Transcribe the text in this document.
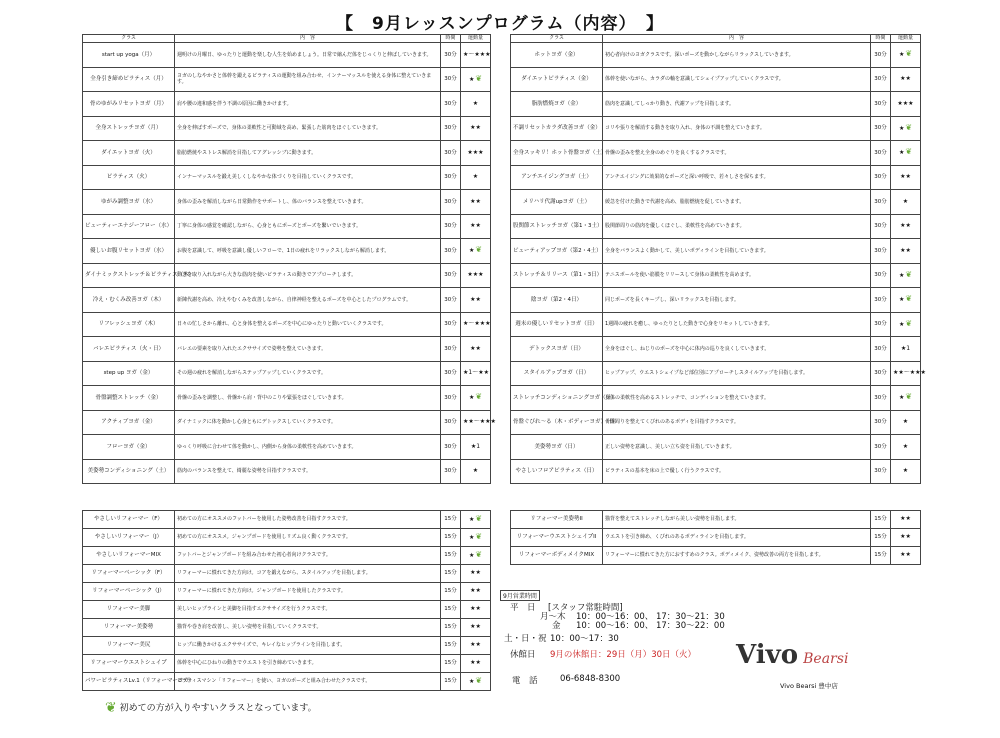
【　9月レッスンプログラム（内容）　】
クラス	内　容	時間	運動量
start up yoga（月）	週明けの月曜日、ゆったりと運動を楽しむ人生を始めましょう。日常で縮んだ体をじっくりと伸ばしていきます。	30分	★～★★★
全身引き締めピラティス（月）	ヨガのしなやかさと体幹を鍛えるピラティスの運動を組み合わせ、インナーマッスルを使える身体に整えていきます。	30分	★❦
骨のゆがみリセットヨガ（月）	肩や腰の違和感を伴う不調の原因に働きかけます。	30分	★
全身ストレッチヨガ（月）	全身を伸ばすポーズで、身体の柔軟性と可動域を高め、緊張した筋肉をほぐしていきます。	30分	★★
ダイエットヨガ（火）	脂肪燃焼やストレス解消を目指してアグレッシブに動きます。	30分	★★★
ピラティス（火）	インナーマッスルを鍛え美しくしなやかな体づくりを目指していくクラスです。	30分	★
ゆがみ調整ヨガ（水）	身体の歪みを解消しながら日常動作をサポートし、体のバランスを整えていきます。	30分	★★
ビューティーエナジーフロー（水）	丁寧に身体の感覚を確認しながら、心身ともにポーズとポーズを繋いでいきます。	30分	★★
優しいお腹リセットヨガ（水）	お腹を意識して、呼吸を意識し優しいフローで、1日の疲れをリラックスしながら解消します。	30分	★❦
ダイナミックストレッチ＆ピラティス（木）	動きを取り入れながら大きな筋肉を使いピラティスの動きでアプローチします。	30分	★★★
冷え・むくみ改善ヨガ（木）	新陳代謝を高め、冷えやむくみを改善しながら、自律神経を整えるポーズを中心としたプログラムです。	30分	★★
リフレッシュヨガ（木）	日々の忙しさから離れ、心と身体を整えるポーズを中心にゆったりと動いていくクラスです。	30分	★～★★★
バレエピラティス（火・日）	バレエの要素を取り入れたエクササイズで姿勢を整えていきます。	30分	★★
step up ヨガ（金）	その週の疲れを解消しながらステップアップしていくクラスです。	30分	★1～★★
骨盤調整ストレッチ（金）	骨盤の歪みを調整し、骨盤から肩・背中のこりや緊張をほぐしていきます。	30分	★❦
アクティブヨガ（金）	ダイナミックに体を動かし心身ともにデトックスしていくクラスです。	30分	★★～★★★
フローヨガ（金）	ゆっくり呼吸に合わせて体を動かし、内側から身体の柔軟性を高めていきます。	30分	★1
美姿勢コンディショニング（土）	筋肉のバランスを整えて、綺麗な姿勢を目指すクラスです。	30分	★
クラス	内　容	時間	運動量
ホットヨガ（金）	初心者向けのヨガクラスです。深いポーズを動かしながらリラックスしていきます。	30分	★❦
ダイエットピラティス（金）	体幹を使いながら、カラダの軸を意識してシェイプアップしていくクラスです。	30分	★★
脂肪燃焼ヨガ（金）	筋肉を意識してしっかり動き、代謝アップを目指します。	30分	★★★
不調リセットカラダ改善ヨガ（金）	コリや張りを解消する動きを取り入れ、身体の不調を整えていきます。	30分	★❦
全身スッキリ！ホット骨盤ヨガ（土）	骨盤の歪みを整え全身のめぐりを良くするクラスです。	30分	★❦
アンチエイジングヨガ（土）	アンチエイジングに効果的なポーズと深い呼吸で、若々しさを保ちます。	30分	★★
メリハリ代謝upヨガ（土）	緩急を付けた動きで代謝を高め、脂肪燃焼を促していきます。	30分	★
股関節ストレッチヨガ（第1・3土）	股関節周りの筋肉を優しくほぐし、柔軟性を高めていきます。	30分	★★
ビューティアップヨガ（第2・4土）	全身をバランスよく動かして、美しいボディラインを目指していきます。	30分	★★
ストレッチ＆リリース（第1・3日）	テニスボールを使い筋膜をリリースして身体の柔軟性を高めます。	30分	★❦
陰ヨガ（第2・4日）	同じポーズを長くキープし、深いリラックスを目指します。	30分	★❦
週末の優しいリセットヨガ（日）	1週間の疲れを癒し、ゆったりとした動きで心身をリセットしていきます。	30分	★❦
デトックスヨガ（日）	全身をほぐし、ねじりのポーズを中心に体内の巡りを良くしていきます。	30分	★1
スタイルアップヨガ（日）	ヒップアップ、ウエストシェイプなど部位別にアプローチしスタイルアップを目指します。	30分	★★～★★★
ストレッチコンディショニングヨガ（日）	身体の柔軟性を高めるストレッチで、コンディションを整えていきます。	30分	★❦
骨盤ぐびれ～る（木・ボディーヨガ）（日）	骨盤周りを整えてくびれのあるボディを目指すクラスです。	30分	★
美姿勢ヨガ（日）	正しい姿勢を意識し、美しい立ち姿を目指していきます。	30分	★
やさしいフロアピラティス（日）	ピラティスの基本を床の上で優しく行うクラスです。	30分	★
やさしいリフォーマー（F）	初めての方にオススメのフットバーを使用した姿勢改善を目指すクラスです。	15分	★❦
やさしいリフォーマー（J）	初めての方にオススメ。ジャンプボードを使用しリズム良く動くクラスです。	15分	★❦
やさしいリフォーマーMIX	フットバーとジャンプボードを組み合わせた初心者向けクラスです。	15分	★❦
リフォーマーベーシック（F）	リフォーマーに慣れてきた方向け。コアを鍛えながら、スタイルアップを目指します。	15分	★★
リフォーマーベーシック（J）	リフォーマーに慣れてきた方向け。ジャンプボードを使用したクラスです。	15分	★★
リフォーマー美脚	美しいヒップラインと美脚を目指すエクササイズを行うクラスです。	15分	★★
リフォーマー美姿勢	猫背や巻き肩を改善し、美しい姿勢を目指していくクラスです。	15分	★★
リフォーマー美尻	ヒップに働きかけるエクササイズで、キレイなヒップラインを目指します。	15分	★★
リフォーマーウエストシェイプ	体幹を中心にひねりの動きでウエストを引き締めていきます。	15分	★★
パワーピラティスLv.1（リフォーマーヨガ）	ピラティスマシン「リフォーマー」を使い、ヨガのポーズと組み合わせたクラスです。	15分	★❦
リフォーマー美姿勢II	猫背を整えてストレッチしながら美しい姿勢を目指します。	15分	★★
リフォーマーウエストシェイプII	ウエストを引き締め、くびれのあるボディラインを目指します。	15分	★★
リフォーマーボディメイクMIX	リフォーマーに慣れてきた方におすすめのクラス。ボディメイク、姿勢改善の両方を目指します。	15分	★★
9月営業時間
平　日 [スタッフ常駐時間]
月～木 10：00～16：00、 17：30～21：30
金 10：00～16：00、 17：30～22：00
土・日・祝 10：00～17：30
休館日 9月の休館日：29日（月）30日（火）
電　話	06-6848-8300
Vivo Bearsi
Vivo Bearsi 豊中店
❦ 初めての方が入りやすいクラスとなっています。
